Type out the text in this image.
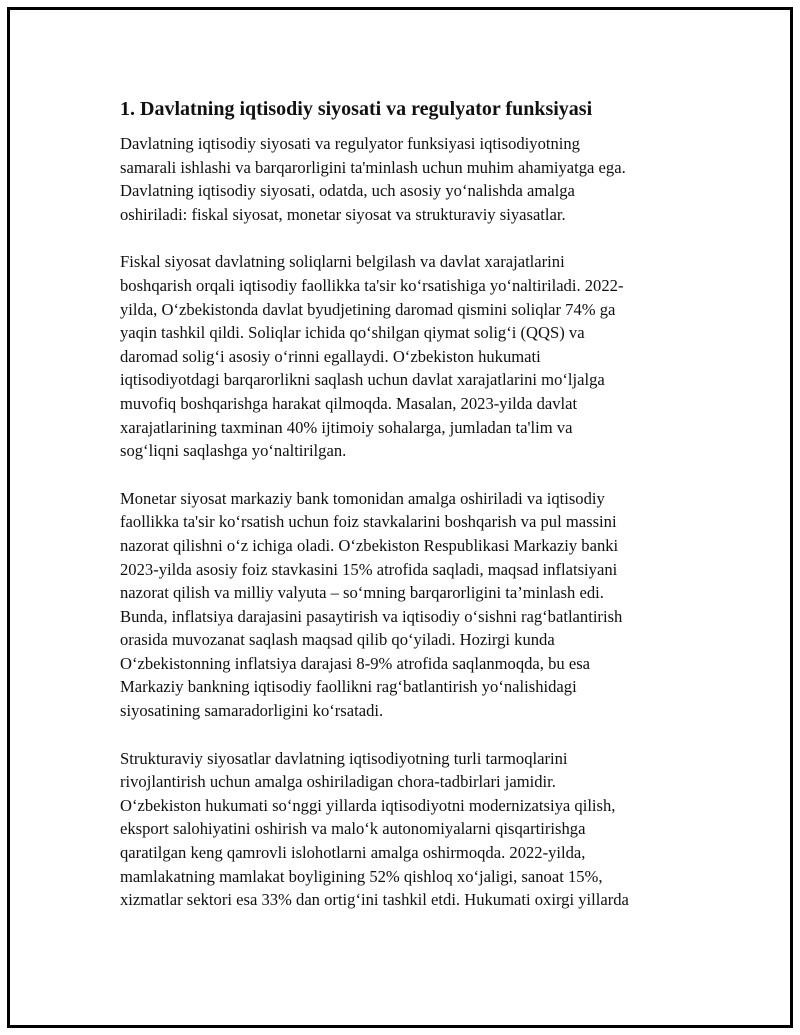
1. Davlatning iqtisodiy siyosati va regulyator funksiyasi

Davlatning iqtisodiy siyosati va regulyator funksiyasi iqtisodiyotning
samarali ishlashi va barqarorligini ta'minlash uchun muhim ahamiyatga ega.
Davlatning iqtisodiy siyosati, odatda, uch asosiy yo‘nalishda amalga
oshiriladi: fiskal siyosat, monetar siyosat va strukturaviy siyasatlar.

Fiskal siyosat davlatning soliqlarni belgilash va davlat xarajatlarini
boshqarish orqali iqtisodiy faollikka ta'sir ko‘rsatishiga yo‘naltiriladi. 2022-
yilda, O‘zbekistonda davlat byudjetining daromad qismini soliqlar 74% ga
yaqin tashkil qildi. Soliqlar ichida qo‘shilgan qiymat solig‘i (QQS) va
daromad solig‘i asosiy o‘rinni egallaydi. O‘zbekiston hukumati
iqtisodiyotdagi barqarorlikni saqlash uchun davlat xarajatlarini mo‘ljalga
muvofiq boshqarishga harakat qilmoqda. Masalan, 2023-yilda davlat
xarajatlarining taxminan 40% ijtimoiy sohalarga, jumladan ta'lim va
sog‘liqni saqlashga yo‘naltirilgan.

Monetar siyosat markaziy bank tomonidan amalga oshiriladi va iqtisodiy
faollikka ta'sir ko‘rsatish uchun foiz stavkalarini boshqarish va pul massini
nazorat qilishni o‘z ichiga oladi. O‘zbekiston Respublikasi Markaziy banki
2023-yilda asosiy foiz stavkasini 15% atrofida saqladi, maqsad inflatsiyani
nazorat qilish va milliy valyuta – so‘mning barqarorligini ta’minlash edi.
Bunda, inflatsiya darajasini pasaytirish va iqtisodiy o‘sishni rag‘batlantirish
orasida muvozanat saqlash maqsad qilib qo‘yiladi. Hozirgi kunda
O‘zbekistonning inflatsiya darajasi 8-9% atrofida saqlanmoqda, bu esa
Markaziy bankning iqtisodiy faollikni rag‘batlantirish yo‘nalishidagi
siyosatining samaradorligini ko‘rsatadi.

Strukturaviy siyosatlar davlatning iqtisodiyotning turli tarmoqlarini
rivojlantirish uchun amalga oshiriladigan chora-tadbirlari jamidir.
O‘zbekiston hukumati so‘nggi yillarda iqtisodiyotni modernizatsiya qilish,
eksport salohiyatini oshirish va malo‘k autonomiyalarni qisqartirishga
qaratilgan keng qamrovli islohotlarni amalga oshirmoqda. 2022-yilda,
mamlakatning mamlakat boyligining 52% qishloq xo‘jaligi, sanoat 15%,
xizmatlar sektori esa 33% dan ortig‘ini tashkil etdi. Hukumati oxirgi yillarda
